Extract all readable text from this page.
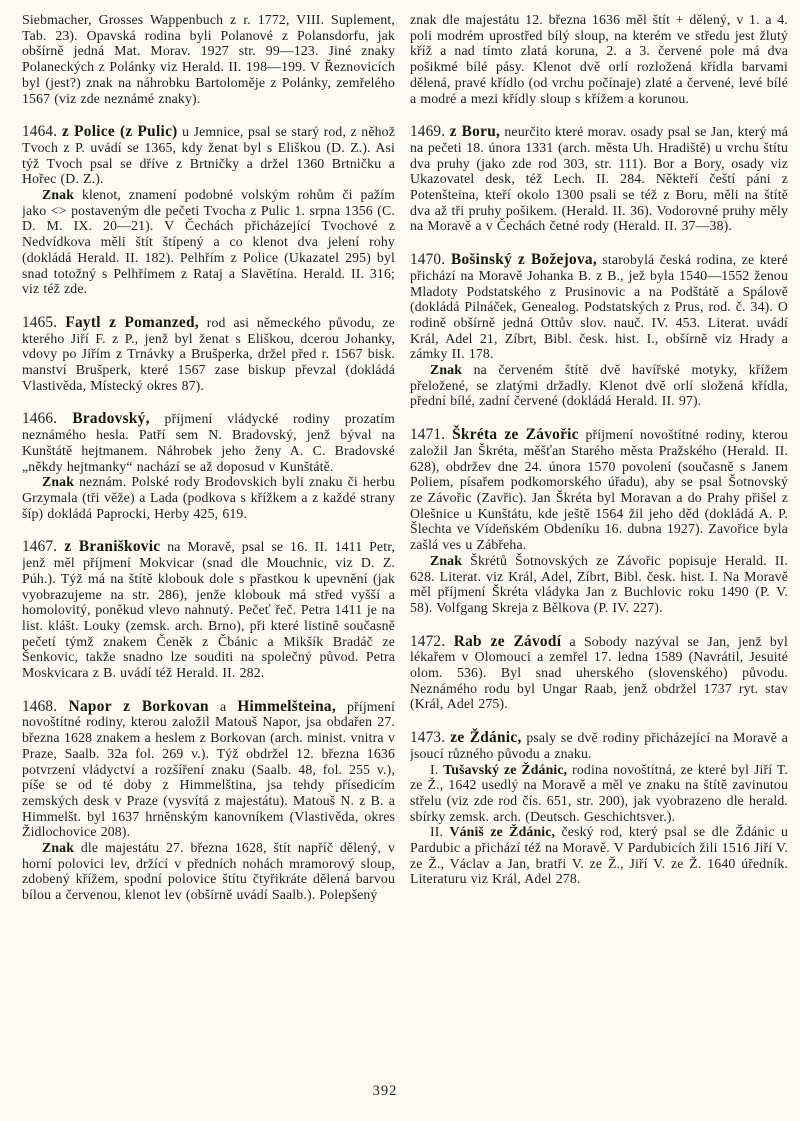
Siebmacher, Grosses Wappenbuch z r. 1772, VIII. Suplement, Tab. 23). Opavská rodina byli Polanové z Polansdorfu, jak obšírně jedná Mat. Morav. 1927 str. 99—123. Jiné znaky Polaneckých z Polánky viz Herald. II. 198—199. V Řeznovicích byl (jest?) znak na náhrobku Bartoloměje z Polánky, zemřelého 1567 (viz zde neznámé znaky).

1464. z Police (z Pulic) u Jemnice, psal se starý rod, z něhož Tvoch z P. uvádí se 1365, kdy ženat byl s Eliškou (D. Z.). Asi týž Tvoch psal se dříve z Brtničky a držel 1360 Brtničku a Hořec (D. Z.).

Znak klenot, znamení podobné volským rohům či pažím jako <> postaveným dle pečeti Tvocha z Pulic 1. srpna 1356 (C. D. M. IX. 20—21). V Čechách přicházející Tvochové z Nedvídkova měli štít štípený a co klenot dva jelení rohy (dokládá Herald. II. 182). Pelhřím z Police (Ukazatel 295) byl snad totožný s Pelhřímem z Rataj a Slavětína. Herald. II. 316; viz též zde.

1465. Faytl z Pomanzed, rod asi německého původu, ze kterého Jiří F. z P., jenž byl ženat s Eliškou, dcerou Johanky, vdovy po Jiřím z Trnávky a Brušperka, držel před r. 1567 bisk. manství Brušperk, které 1567 zase biskup převzal (dokládá Vlastivěda, Místecký okres 87).

1466. Bradovský, příjmení vládycké rodiny prozatím neznámého hesla. Patří sem N. Bradovský, jenž býval na Kunštátě hejtmanem. Náhrobek jeho ženy A. C. Bradovské „někdy hejtmanky“ nachází se až doposud v Kunštátě.

Znak neznám. Polské rody Brodovskich byli znaku či herbu Grzymala (tři věže) a Lada (podkova s křížkem a z každé strany šíp) dokládá Paprocki, Herby 425, 619.

1467. z Braniškovic na Moravě, psal se 16. II. 1411 Petr, jenž měl příjmení Mokvicar (snad dle Mouchnic, viz D. Z. Púh.). Týž má na štítě klobouk dole s přastkou k upevnění (jak vyobrazujeme na str. 286), jenže klobouk má střed vyšší a homolovitý, poněkud vlevo nahnutý. Pečeť řeč. Petra 1411 je na list. klášt. Louky (zemsk. arch. Brno), při které listině současně pečetí týmž znakem Čeněk z Čbánic a Mikšík Bradáč ze Šenkovic, takže snadno lze souditi na společný původ. Petra Moskvicara z B. uvádí též Herald. II. 282.

1468. Napor z Borkovan a Himmelšteina, příjmení novoštítné rodiny, kterou založil Matouš Napor, jsa obdařen 27. března 1628 znakem a heslem z Borkovan (arch. minist. vnitra v Praze, Saalb. 32a fol. 269 v.). Týž obdržel 12. března 1636 potvrzení vládyctví a rozšíření znaku (Saalb. 48, fol. 255 v.), píše se od té doby z Himmelština, jsa tehdy přísedicím zemských desk v Praze (vysvítá z majestátu). Matouš N. z B. a Himmelšt. byl 1637 hrněnským kanovníkem (Vlastivěda, okres Židlochovice 208).

Znak dle majestátu 27. března 1628, štít napříč dělený, v horní polovici lev, držící v předních nohách mramorový sloup, zdobený křížem, spodní polovice štítu čtyřikráte dělená barvou bílou a červenou, klenot lev (obšírně uvádí Saalb.). Polepšený

znak dle majestátu 12. března 1636 měl štít + dělený, v 1. a 4. poli modrém uprostřed bílý sloup, na kterém ve středu jest žlutý kříž a nad tímto zlatá koruna, 2. a 3. červené pole má dva pošikmé bílé pásy. Klenot dvě orlí rozložená křídla barvami dělená, pravé křídlo (od vrchu počínaje) zlaté a červené, levé bílé a modré a mezi křídly sloup s křížem a korunou.

1469. z Boru, neurčito které morav. osady psal se Jan, který má na pečeti 18. února 1331 (arch. města Uh. Hradiště) u vrchu štítu dva pruhy (jako zde rod 303, str. 111). Bor a Bory, osady viz Ukazovatel desk, též Lech. II. 284. Někteří čeští páni z Potenšteina, kteří okolo 1300 psali se též z Boru, měli na štítě dva až tři pruhy pošikem. (Herald. II. 36). Vodorovné pruhy měly na Moravě a v Čechách četné rody (Herald. II. 37—38).

1470. Bošinský z Božejova, starobylá česká rodina, ze které přichází na Moravě Johanka B. z B., jež byla 1540—1552 ženou Mladoty Podstatského z Prusinovic a na Podštátě a Spálově (dokládá Pilnáček, Genealog. Podstatských z Prus, rod. č. 34). O rodině obšírně jedná Ottův slov. nauč. IV. 453. Literat. uvádí Král, Adel 21, Zíbrt, Bibl. česk. hist. I., obšírně viz Hrady a zámky II. 178.

Znak na červeném štítě dvě havířské motyky, křížem přeložené, se zlatými držadly. Klenot dvě orlí složená křídla, přední bílé, zadní červené (dokládá Herald. II. 97).

1471. Škréta ze Závořic příjmení novoštítné rodiny, kterou založil Jan Škréta, měšťan Starého města Pražského (Herald. II. 628), obdržev dne 24. února 1570 povolení (současně s Janem Poliem, písařem podkomorského úřadu), aby se psal Šotnovský ze Závořic (Zavřic). Jan Škréta byl Moravan a do Prahy přišel z Olešnice u Kunštátu, kde ještě 1564 žil jeho děd (dokládá A. P. Šlechta ve Vídeňském Obdeníku 16. dubna 1927). Zavořice byla zašlá ves u Zábřeha.

Znak Škrétů Šotnovských ze Závořic popisuje Herald. II. 628. Literat. viz Král, Adel, Zíbrt, Bibl. česk. hist. I. Na Moravě měl příjmení Škréta vládyka Jan z Buchlovic roku 1490 (P. V. 58). Volfgang Skreja z Bělkova (P. IV. 227).

1472. Rab ze Závodí a Sobody nazýval se Jan, jenž byl lékařem v Olomouci a zemřel 17. ledna 1589 (Navrátil, Jesuité olom. 536). Byl snad uherského (slovenského) původu. Neznámého rodu byl Ungar Raab, jenž obdržel 1737 ryt. stav (Král, Adel 275).

1473. ze Ždánic, psaly se dvě rodiny přicházející na Moravě a jsoucí různého původu a znaku.

I. Tušavský ze Ždánic, rodina novoštítná, ze které byl Jiří T. ze Ž., 1642 usedlý na Moravě a měl ve znaku na štítě zavinutou střelu (viz zde rod čís. 651, str. 200), jak vyobrazeno dle herald. sbírky zemsk. arch. (Deutsch. Geschichtsver.).

II. Vániš ze Ždánic, český rod, který psal se dle Ždánic u Pardubic a přichází též na Moravě. V Pardubicích žili 1516 Jiří V. ze Ž., Václav a Jan, bratři V. ze Ž., Jiří V. ze Ž. 1640 úředník. Literaturu viz Král, Adel 278.

392
